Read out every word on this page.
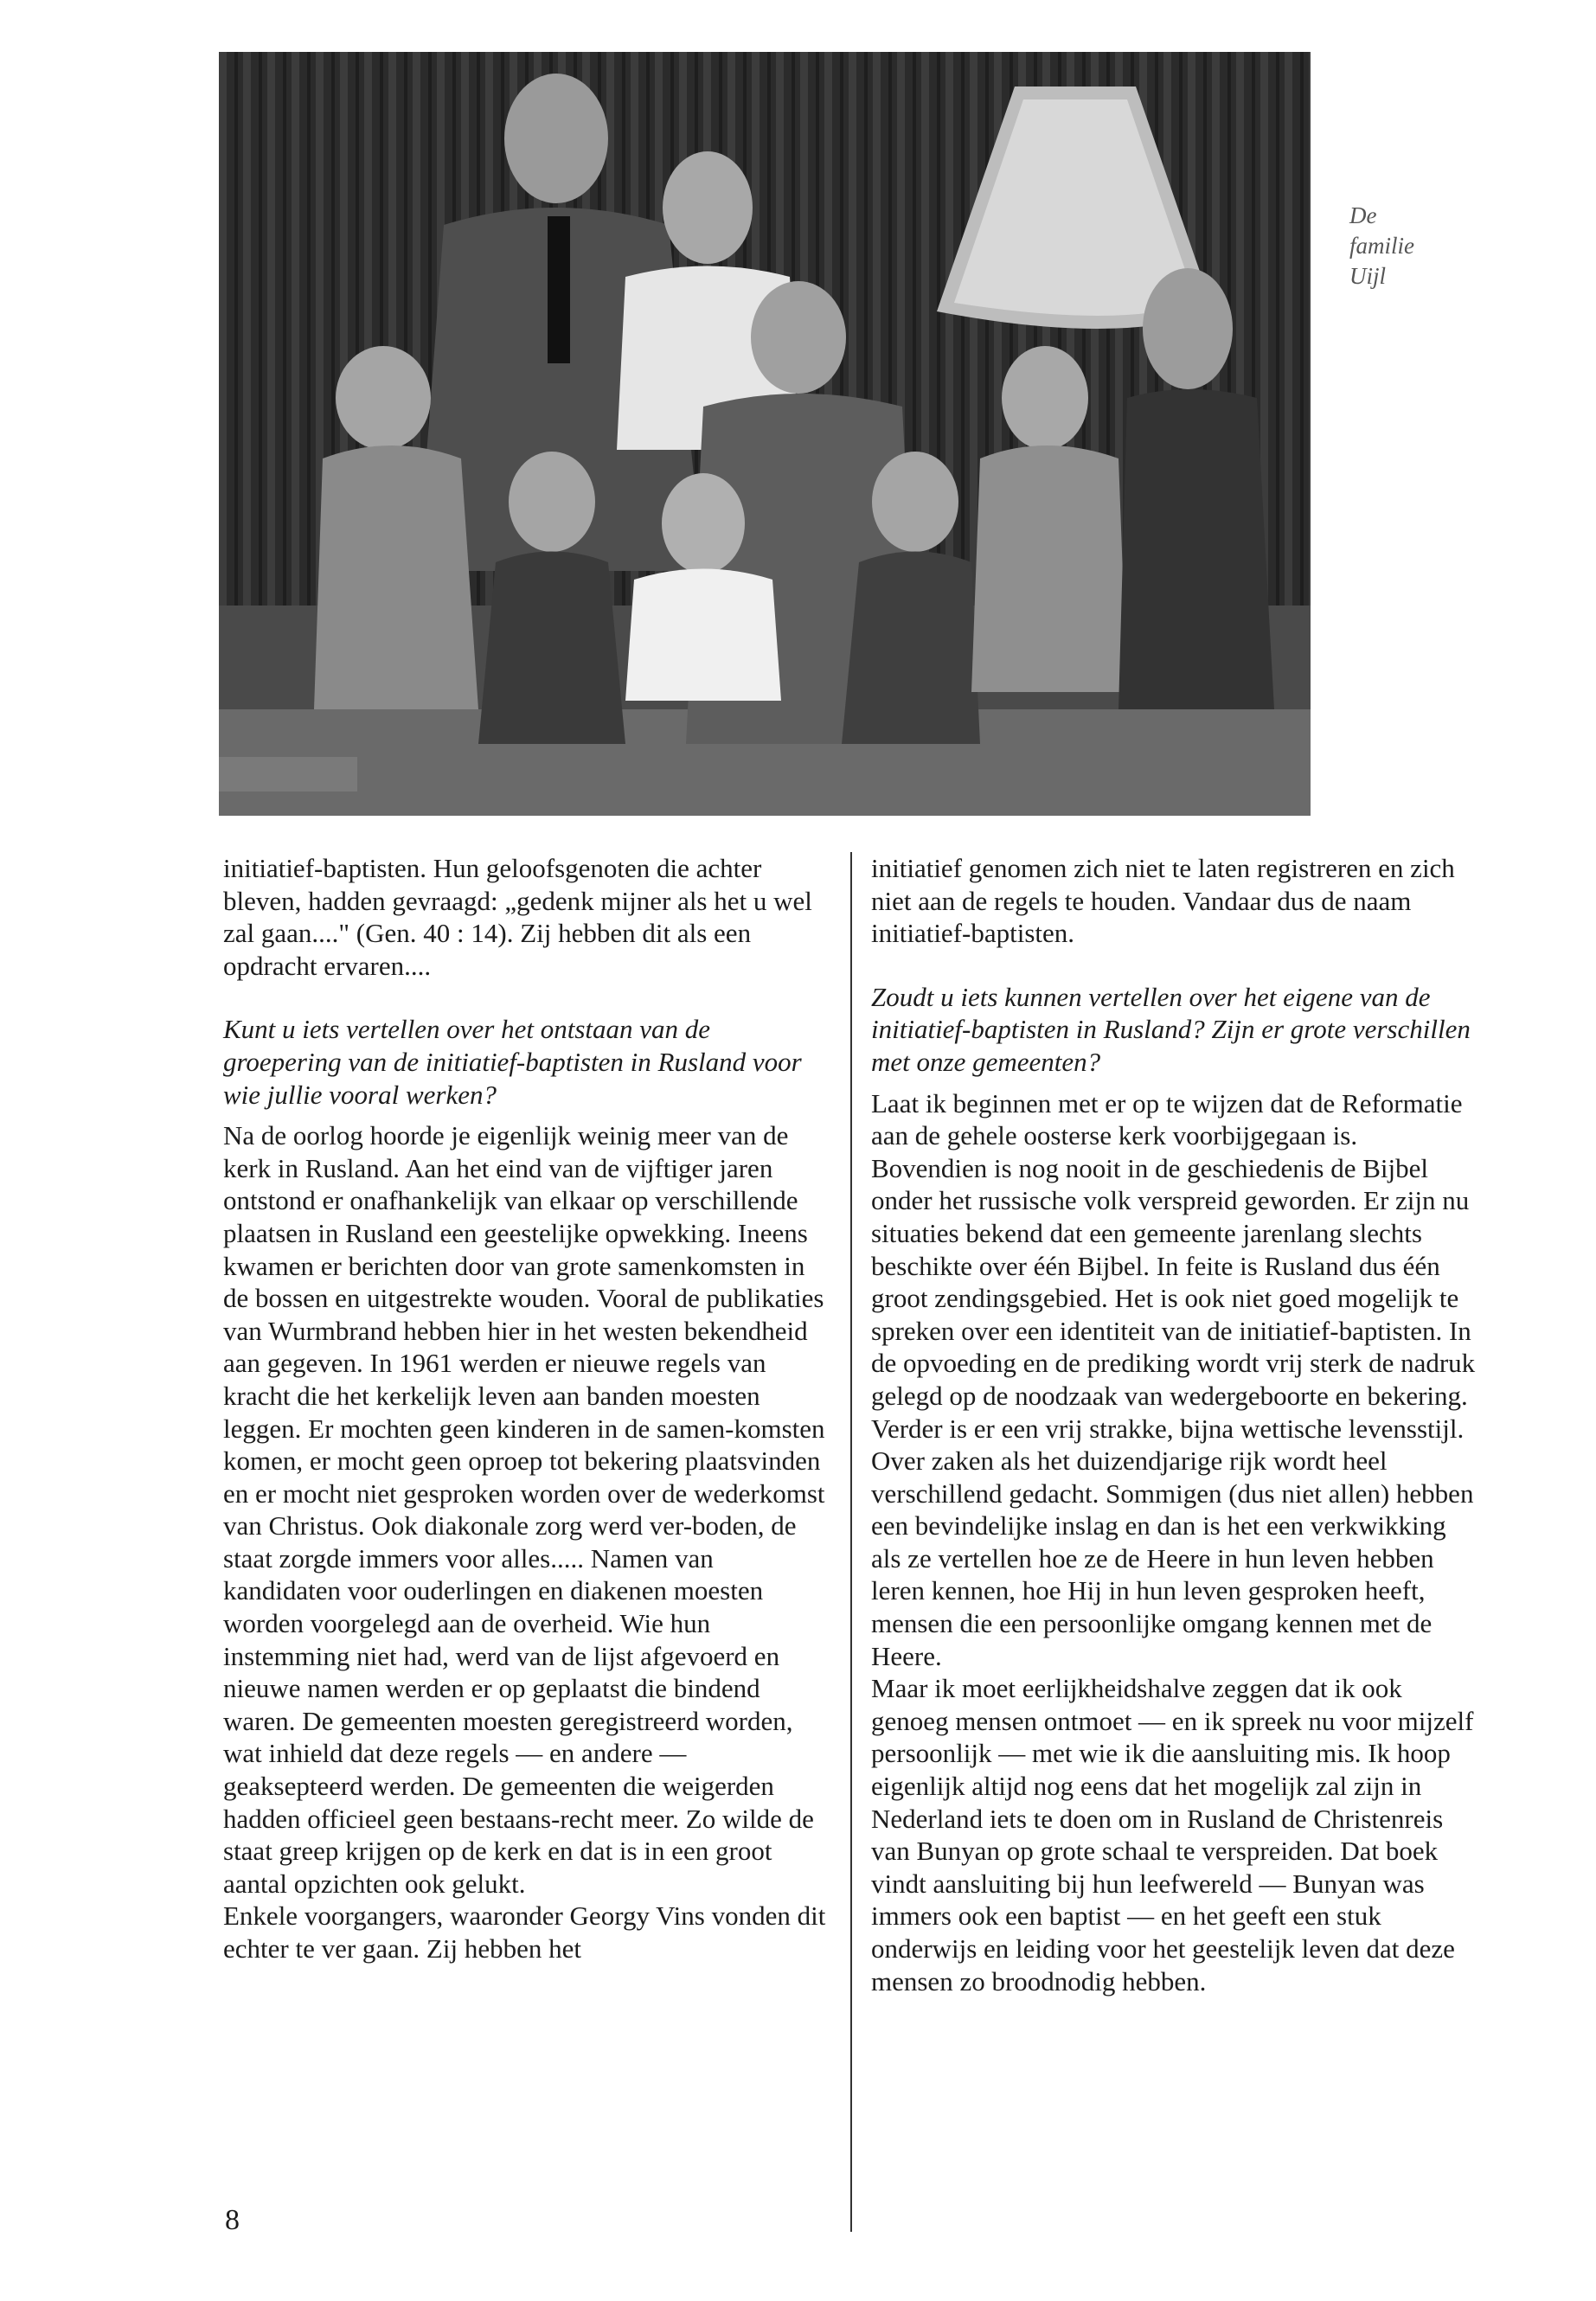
De
familie
Uijl

initiatief-baptisten. Hun geloofsgenoten die achter bleven, hadden gevraagd: „gedenk mijner als het u wel zal gaan...." (Gen. 40 : 14). Zij hebben dit als een opdracht ervaren....

Kunt u iets vertellen over het ontstaan van de groepering van de initiatief-baptisten in Rusland voor wie jullie vooral werken?

Na de oorlog hoorde je eigenlijk weinig meer van de kerk in Rusland. Aan het eind van de vijftiger jaren ontstond er onafhankelijk van elkaar op verschillende plaatsen in Rusland een geestelijke opwekking. Ineens kwamen er berichten door van grote samenkomsten in de bossen en uitgestrekte wouden. Vooral de publikaties van Wurmbrand hebben hier in het westen bekendheid aan gegeven. In 1961 werden er nieuwe regels van kracht die het kerkelijk leven aan banden moesten leggen. Er mochten geen kinderen in de samen-komsten komen, er mocht geen oproep tot bekering plaatsvinden en er mocht niet gesproken worden over de wederkomst van Christus. Ook diakonale zorg werd ver-boden, de staat zorgde immers voor alles..... Namen van kandidaten voor ouderlingen en diakenen moesten worden voorgelegd aan de overheid. Wie hun instemming niet had, werd van de lijst afgevoerd en nieuwe namen werden er op geplaatst die bindend waren. De gemeenten moesten geregistreerd worden, wat inhield dat deze regels — en andere — geaksepteerd werden. De gemeenten die weigerden hadden officieel geen bestaans-recht meer. Zo wilde de staat greep krijgen op de kerk en dat is in een groot aantal opzichten ook gelukt.

Enkele voorgangers, waaronder Georgy Vins vonden dit echter te ver gaan. Zij hebben het

initiatief genomen zich niet te laten registreren en zich niet aan de regels te houden. Vandaar dus de naam initiatief-baptisten.

Zoudt u iets kunnen vertellen over het eigene van de initiatief-baptisten in Rusland? Zijn er grote verschillen met onze gemeenten?

Laat ik beginnen met er op te wijzen dat de Reformatie aan de gehele oosterse kerk voorbijgegaan is. Bovendien is nog nooit in de geschiedenis de Bijbel onder het russische volk verspreid geworden. Er zijn nu situaties bekend dat een gemeente jarenlang slechts beschikte over één Bijbel. In feite is Rusland dus één groot zendingsgebied. Het is ook niet goed mogelijk te spreken over een identiteit van de initiatief-baptisten. In de opvoeding en de prediking wordt vrij sterk de nadruk gelegd op de noodzaak van wedergeboorte en bekering. Verder is er een vrij strakke, bijna wettische levensstijl. Over zaken als het duizendjarige rijk wordt heel verschillend gedacht. Sommigen (dus niet allen) hebben een bevindelijke inslag en dan is het een verkwikking als ze vertellen hoe ze de Heere in hun leven hebben leren kennen, hoe Hij in hun leven gesproken heeft, mensen die een persoonlijke omgang kennen met de Heere.

Maar ik moet eerlijkheidshalve zeggen dat ik ook genoeg mensen ontmoet — en ik spreek nu voor mijzelf persoonlijk — met wie ik die aansluiting mis. Ik hoop eigenlijk altijd nog eens dat het mogelijk zal zijn in Nederland iets te doen om in Rusland de Christenreis van Bunyan op grote schaal te verspreiden. Dat boek vindt aansluiting bij hun leefwereld — Bunyan was immers ook een baptist — en het geeft een stuk onderwijs en leiding voor het geestelijk leven dat deze mensen zo broodnodig hebben.

8
